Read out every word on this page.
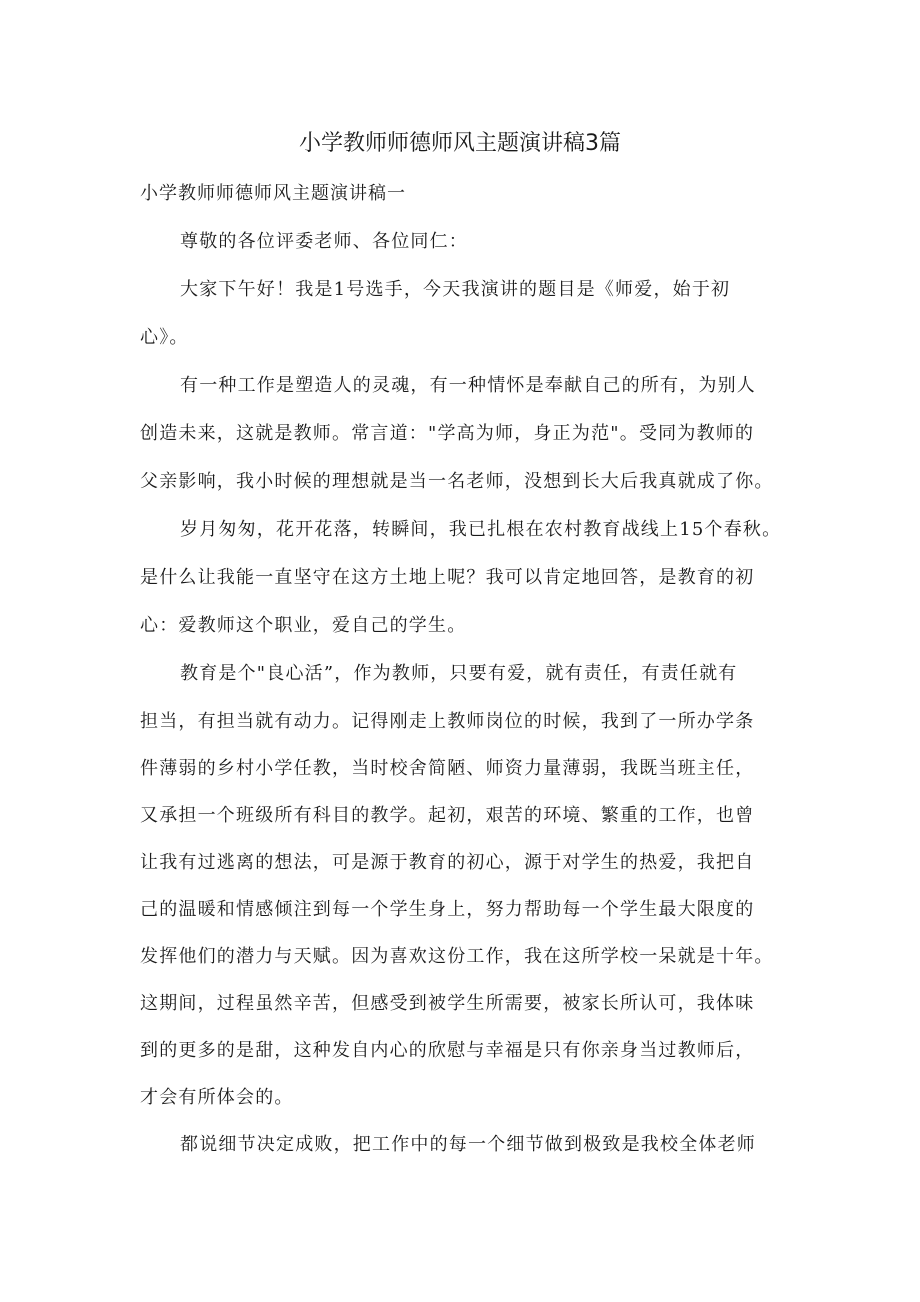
小学教师师德师风主题演讲稿3篇
小学教师师德师风主题演讲稿一
尊敬的各位评委老师、各位同仁：
大家下午好！我是1号选手，今天我演讲的题目是《师爱，始于初
心》。
有一种工作是塑造人的灵魂，有一种情怀是奉献自己的所有，为别人
创造未来，这就是教师。常言道："学高为师，身正为范"。受同为教师的
父亲影响，我小时候的理想就是当一名老师，没想到长大后我真就成了你。
岁月匆匆，花开花落，转瞬间，我已扎根在农村教育战线上15个春秋。
是什么让我能一直坚守在这方土地上呢？我可以肯定地回答，是教育的初
心：爱教师这个职业，爱自己的学生。
教育是个"良心活”，作为教师，只要有爱，就有责任，有责任就有
担当，有担当就有动力。记得刚走上教师岗位的时候，我到了一所办学条
件薄弱的乡村小学任教，当时校舍简陋、师资力量薄弱，我既当班主任，
又承担一个班级所有科目的教学。起初，艰苦的环境、繁重的工作，也曾
让我有过逃离的想法，可是源于教育的初心，源于对学生的热爱，我把自
己的温暖和情感倾注到每一个学生身上，努力帮助每一个学生最大限度的
发挥他们的潜力与天赋。因为喜欢这份工作，我在这所学校一呆就是十年。
这期间，过程虽然辛苦，但感受到被学生所需要，被家长所认可，我体味
到的更多的是甜，这种发自内心的欣慰与幸福是只有你亲身当过教师后，
才会有所体会的。
都说细节决定成败，把工作中的每一个细节做到极致是我校全体老师
